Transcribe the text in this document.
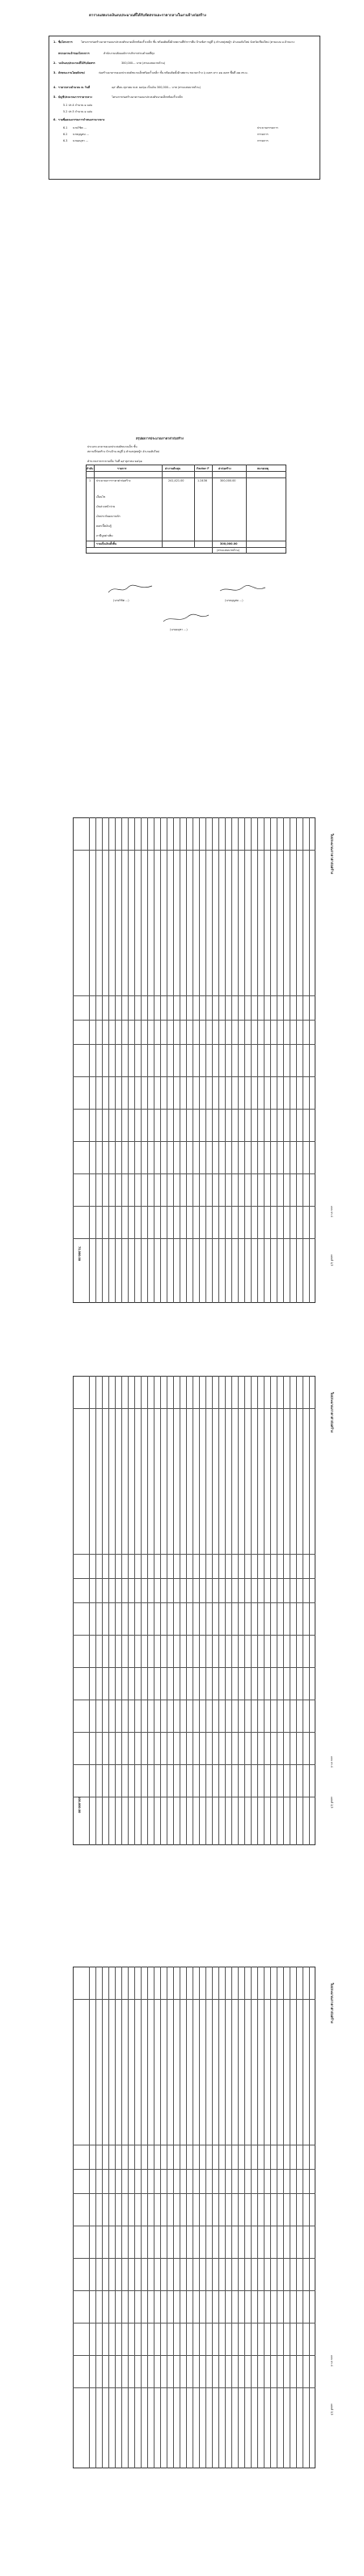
ตารางแสดงวงเงินงบประมาณที่ได้รับจัดสรรและราคากลางในงานจ้างก่อสร้าง
1. ชื่อโครงการ	โครงการก่อสร้างอาคารอเนกประสงค์ขนาดเล็กพร้อมรั้วเหล็ก ชั้น พร้อมติดตั้งฝ้าเพดานที่ทำการคีม ป้านข้อฯ หมู่ที่ ๖ ตำบลทุ่งพญ้า อำเภอเทิงใหม่ จังหวัดเชียงใหม่ (ตามแบบ อ.บ้านบาง
หน่วยงานเจ้าของโครงการ	สำนักงานปลัดองค์การบริหารส่วนตำบลที่ทุ่ง
2. วงเงินงบประมาณที่ได้รับจัดสรร	300,000.-- บาท (สามแสนบาทถ้วน)
3. ลักษณะงานโดยสังเขป	ก่อสร้างอาคารอเนกประสงค์ขนาดเล็กพร้อมรั้วเหล็ก ชั้น พร้อมติดตั้งฝ้าเพดาน ขนาดกว้าง ๖ เมตร ยาว ๑๒ เมตร พื้นที่ ๗๒ ตร.ม.
4. ราคากลางคำนวณ ณ วันที่	๑๙ เดือน ตุลาคม พ.ศ. ๒๕๖๑ เป็นเงิน 300,000.-- บาท (สามแสนบาทถ้วน)
5. บัญชีประมาณการราคากลาง	โครงการก่อสร้างอาคารอเนกประสงค์ขนาดเล็กพร้อมรั้วเหล็ก
5.1 ปร.4 จำนวน ๑ แผ่น
5.2 ปร.5 จำนวน ๑ แผ่น
6. รายชื่อคณะกรรมการกำหนดราคากลาง
6.1 นายวิชิต ...	ประธานกรรมการ
6.2 นายบุญสม ...	กรรมการ
6.3 นายอนุชา ...	กรรมการ
สรุปผลการประมาณราคาค่าก่อสร้าง
ประเภท อาคารอเนกประสงค์ขนาดเล็ก ชั้น
สถานที่ก่อสร้าง บ้านป้าน หมู่ที่ ๖ ตำบลทุ่งพญ้า อำเภอเทิงใหม่
คำนวณราคากลางเมื่อ วันที่ ๑๙ ตุลาคม ๒๕๖๑
ลำดับ	รายการ	ค่างานต้นทุน	Factor F	ค่าก่อสร้าง	หมายเหตุ
1 ประมาณการราคาค่าก่อสร้าง	241,421.00	1.2436	300,000.00
เงื่อนไข
เงินล่วงหน้าจ่าย
เงินประกันผลงานหัก
ดอกเบี้ยเงินกู้
ภาษีมูลค่าเพิ่ม
รวมเป็นเงินทั้งสิ้น	300,000.00
(สามแสนบาทถ้วน)
(นายวิชิต ...)	(นายบุญสม ...)
(นายอนุชา ...)
ใบประมาณราคาค่าก่อสร้าง
แบบ ปร.4
แผ่นที่ 1/3
75,000.00
ใบประมาณราคาค่าก่อสร้าง
แบบ ปร.4
แผ่นที่ 2/3
100,000.00
ใบประมาณราคาค่าก่อสร้าง
แบบ ปร.4
แผ่นที่ 3/3
